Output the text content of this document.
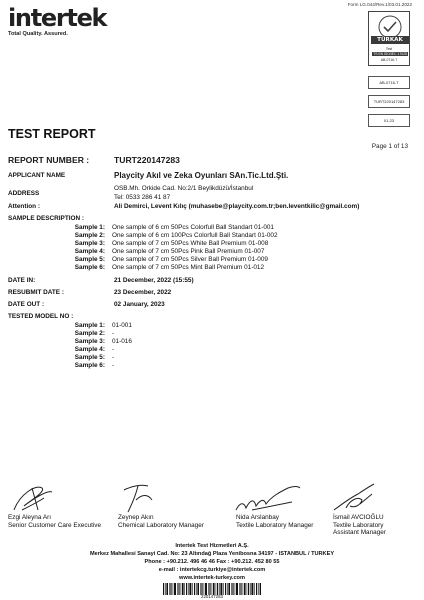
Form LG.044/Rev.1/03.01.2022
intertek
Total Quality. Assured.
TÜRKAK
Test
TS EN ISO/IEC 17025
AB-0716-T
AB-0716-T
TURT220147283
01-23
TEST REPORT
Page 1 of 13
REPORT NUMBER :	TURT220147283
APPLICANT NAME	Playcity Akıl ve Zeka Oyunları SAn.Tic.Ltd.Şti.
ADDRESS
OSB.Mh. Orkide Cad. No:2/1 Beylikdüzü/İstanbul
Tel: 0533 286 41 87
Attention :	Ali Demirci, Levent Kılıç (muhasebe@playcity.com.tr;ben.leventkilic@gmail.com)
SAMPLE DESCRIPTION :
Sample 1: One sample of 6 cm 50Pcs Colorfull Ball Standart 01-001
Sample 2: One sample of 6 cm 100Pcs Colorfull Ball Standart 01-002
Sample 3: One sample of 7 cm 50Pcs White Ball Premium 01-008
Sample 4: One sample of 7 cm 50Pcs Pink Ball Premium 01-007
Sample 5: One sample of 7 cm 50Pcs Silver Ball Premium 01-009
Sample 6: One sample of 7 cm 50Pcs Mint Ball Premium 01-012
DATE IN:	21 December, 2022 (15:55)
RESUBMIT DATE :	23 December, 2022
DATE OUT :	02 January, 2023
TESTED MODEL NO :
Sample 1: 01-001
Sample 2: -
Sample 3: 01-016
Sample 4: -
Sample 5: -
Sample 6: -
Ezgi Aleyna Arı
Senior Customer Care Executive
Zeynep Akın
Chemical Laboratory Manager
Nida Arslanbay
Textile Laboratory Manager
İsmail AVCIOĞLU
Textile Laboratory
Assistant Manager
Intertek Test Hizmetleri A.Ş.
Merkez Mahallesi Sanayi Cad. No: 23 Altındağ Plaza Yenibosna 34197 - ISTANBUL / TURKEY
Phone : +90.212. 496 46 46 Fax : +90.212. 452 80 55
e-mail : intertekcg.turkiye@intertek.com
www.intertek-turkey.com
220147283
